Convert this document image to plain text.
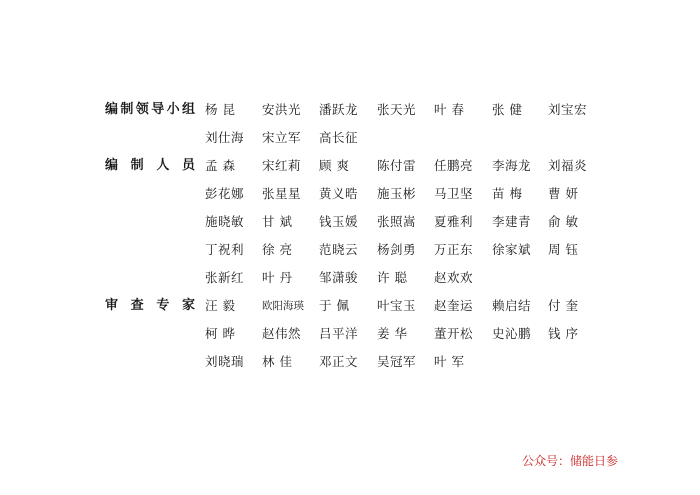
编制领导小组 杨 昆 安洪光 潘跃龙 张天光 叶 春 张 健 刘宝宏
刘仕海 宋立军 高长征
编制人员 孟 森 宋红莉 顾 爽 陈付雷 任鹏亮 李海龙 刘福炎
彭花娜 张星星 黄义晧 施玉彬 马卫坚 苗 梅 曹 妍
施晓敏 甘 斌 钱玉媛 张照嵩 夏雅利 李建青 俞 敏
丁祝利 徐 亮 范晓云 杨剑勇 万正东 徐家斌 周 钰
张新红 叶 丹 邹潇骏 许 聪 赵欢欢
审查专家 汪 毅	欧阳海瑛 于 佩 叶宝玉 赵奎运 赖启结 付 奎
柯 晔 赵伟然 吕平洋 姜 华 董开松 史沁鹏 钱 序
刘晓瑞 林 佳 邓正文 吴冠军 叶 军
公众号：储能日参
